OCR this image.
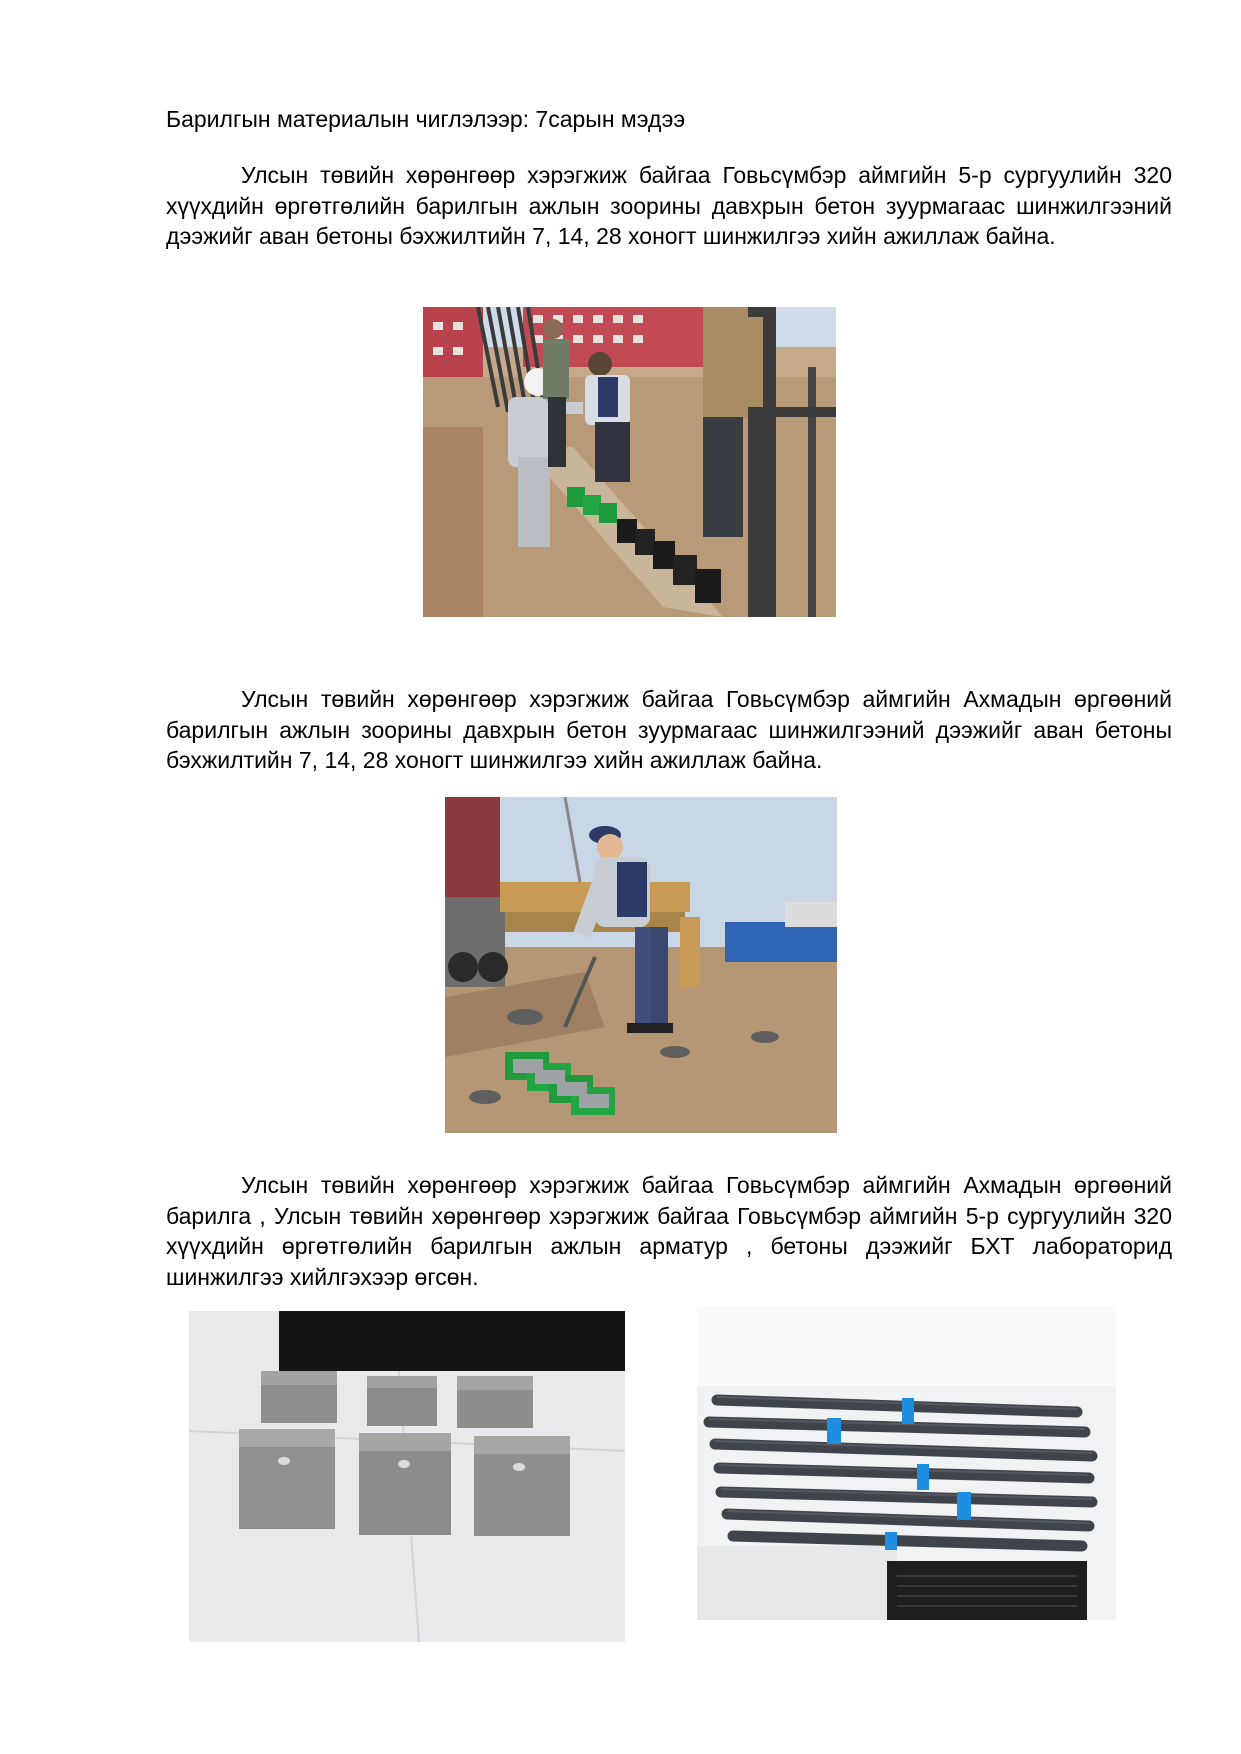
Барилгын материалын чиглэлээр: 7сарын мэдээ

Улсын төвийн хөрөнгөөр хэрэгжиж байгаа Говьсүмбэр аймгийн 5-р сургуулийн 320 хүүхдийн өргөтгөлийн барилгын ажлын зоорины давхрын бетон зуурмагаас шинжилгээний дээжийг аван бетоны бэхжилтийн 7, 14, 28 хоногт шинжилгээ хийн ажиллаж байна.

Улсын төвийн хөрөнгөөр хэрэгжиж байгаа Говьсүмбэр аймгийн Ахмадын өргөөний барилгын ажлын зоорины давхрын бетон зуурмагаас шинжилгээний дээжийг аван бетоны бэхжилтийн 7, 14, 28 хоногт шинжилгээ хийн ажиллаж байна.

Улсын төвийн хөрөнгөөр хэрэгжиж байгаа Говьсүмбэр аймгийн Ахмадын өргөөний барилга , Улсын төвийн хөрөнгөөр хэрэгжиж байгаа Говьсүмбэр аймгийн 5-р сургуулийн 320 хүүхдийн өргөтгөлийн барилгын ажлын арматур , бетоны дээжийг БХТ лабораторид шинжилгээ хийлгэхээр өгсөн.
